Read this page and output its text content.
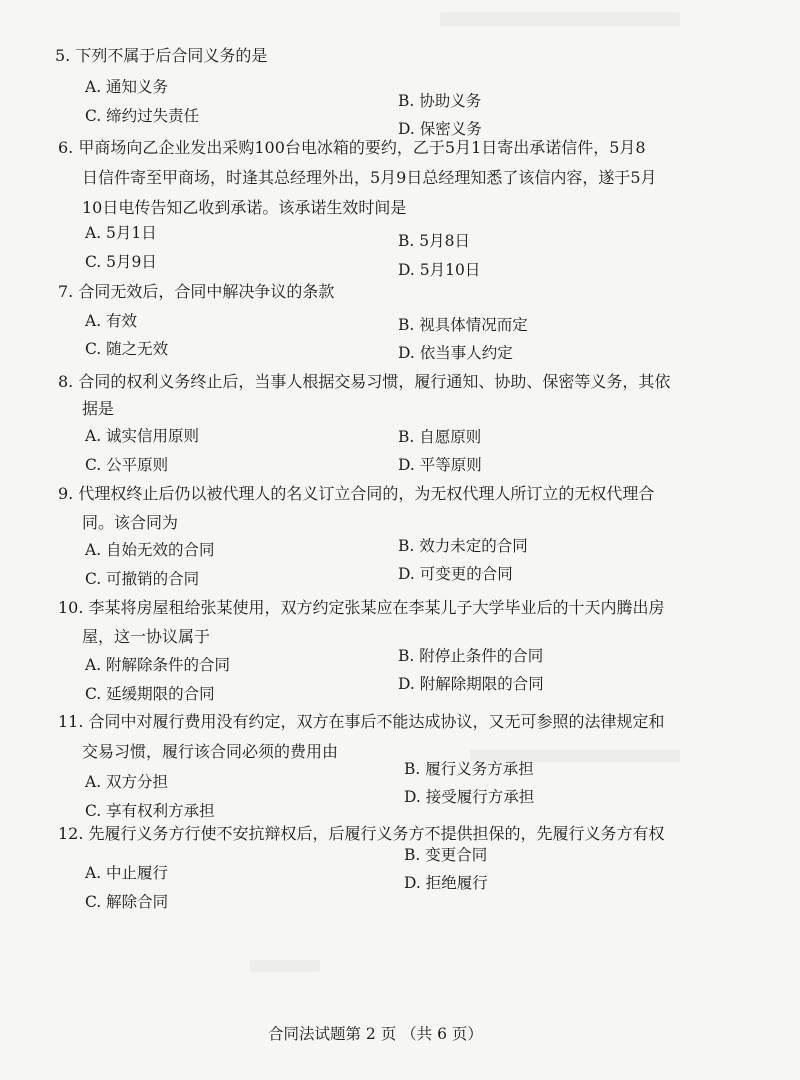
5. 下列不属于后合同义务的是
A. 通知义务
B. 协助义务
C. 缔约过失责任
D. 保密义务
6. 甲商场向乙企业发出采购100台电冰箱的要约，乙于5月1日寄出承诺信件，5月8
日信件寄至甲商场，时逢其总经理外出，5月9日总经理知悉了该信内容，遂于5月
10日电传告知乙收到承诺。该承诺生效时间是
A. 5月1日	B. 5月8日
C. 5月9日	D. 5月10日
7. 合同无效后，合同中解决争议的条款
A. 有效	B. 视具体情况而定
C. 随之无效	D. 依当事人约定
8. 合同的权利义务终止后，当事人根据交易习惯，履行通知、协助、保密等义务，其依
据是
A. 诚实信用原则	B. 自愿原则
C. 公平原则	D. 平等原则
9. 代理权终止后仍以被代理人的名义订立合同的，为无权代理人所订立的无权代理合
同。该合同为
A. 自始无效的合同	B. 效力未定的合同
C. 可撤销的合同	D. 可变更的合同
10. 李某将房屋租给张某使用，双方约定张某应在李某儿子大学毕业后的十天内腾出房
屋，这一协议属于
A. 附解除条件的合同	B. 附停止条件的合同
C. 延缓期限的合同
D. 附解除期限的合同
11. 合同中对履行费用没有约定，双方在事后不能达成协议，又无可参照的法律规定和
交易习惯，履行该合同必须的费用由
A. 双方分担
B. 履行义务方承担
C. 享有权利方承担
D. 接受履行方承担
12. 先履行义务方行使不安抗辩权后，后履行义务方不提供担保的，先履行义务方有权
A. 中止履行
B. 变更合同
C. 解除合同
D. 拒绝履行
合同法试题第 2 页 （共 6 页）
